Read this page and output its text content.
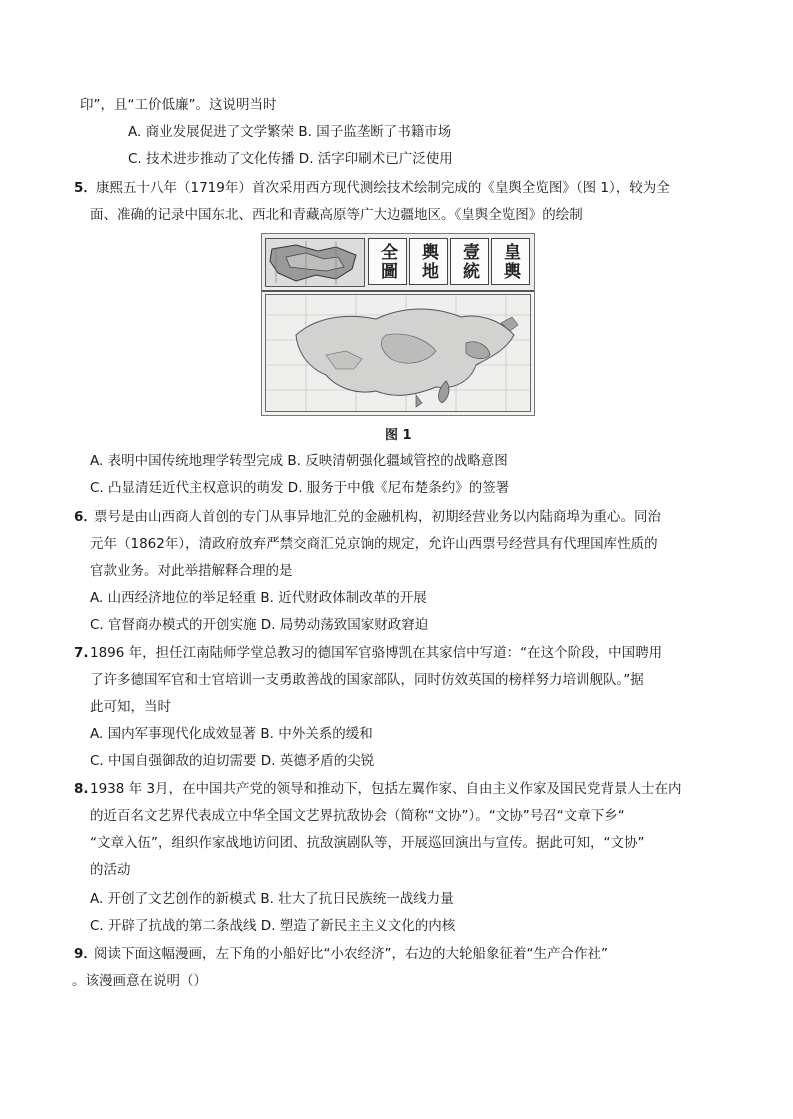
印”，且“工价低廉”。这说明当时
A. 商业发展促进了文学繁荣 B. 国子监垄断了书籍市场
C. 技术进步推动了文化传播 D. 活字印刷术已广泛使用
5． 康熙五十八年（1719年）首次采用西方现代测绘技术绘制完成的《皇舆全览图》（图 1），较为全
面、准确的记录中国东北、西北和青藏高原等广大边疆地区。《皇舆全览图》的绘制
全圖	輿地	壹統	皇輿
图 1
A. 表明中国传统地理学转型完成 B. 反映清朝强化疆域管控的战略意图
C. 凸显清廷近代主权意识的萌发 D. 服务于中俄《尼布楚条约》的签署
6．
票号是由山西商人首创的专门从事异地汇兑的金融机构，初期经营业务以内陆商埠为重心。同治
元年（1862年），清政府放弃严禁交商汇兑京饷的规定，允许山西票号经营具有代理国库性质的
官款业务。对此举措解释合理的是
A. 山西经济地位的举足轻重 B. 近代财政体制改革的开展
C. 官督商办模式的开创实施 D. 局势动荡致国家财政窘迫
7. 1896 年，担任江南陆师学堂总教习的德国军官骆博凯在其家信中写道：“在这个阶段，中国聘用
了许多德国军官和士官培训一支勇敢善战的国家部队，同时仿效英国的榜样努力培训舰队。”据
此可知，当时
A. 国内军事现代化成效显著 B. 中外关系的缓和
C. 中国自强御敌的迫切需要 D. 英德矛盾的尖锐
8. 1938 年 3月，在中国共产党的领导和推动下，包括左翼作家、自由主义作家及国民党背景人士在内
的近百名文艺界代表成立中华全国文艺界抗敌协会（简称“文协”）。“文协”号召“文章下乡“
“文章入伍”，组织作家战地访问团、抗敌演剧队等，开展巡回演出与宣传。据此可知，“文协”
的活动
A. 开创了文艺创作的新模式 B. 壮大了抗日民族统一战线力量
C. 开辟了抗战的第二条战线 D. 塑造了新民主主义文化的内核
9．
阅读下面这幅漫画，左下角的小船好比“小农经济”，右边的大轮船象征着“生产合作社”
。该漫画意在说明（）
